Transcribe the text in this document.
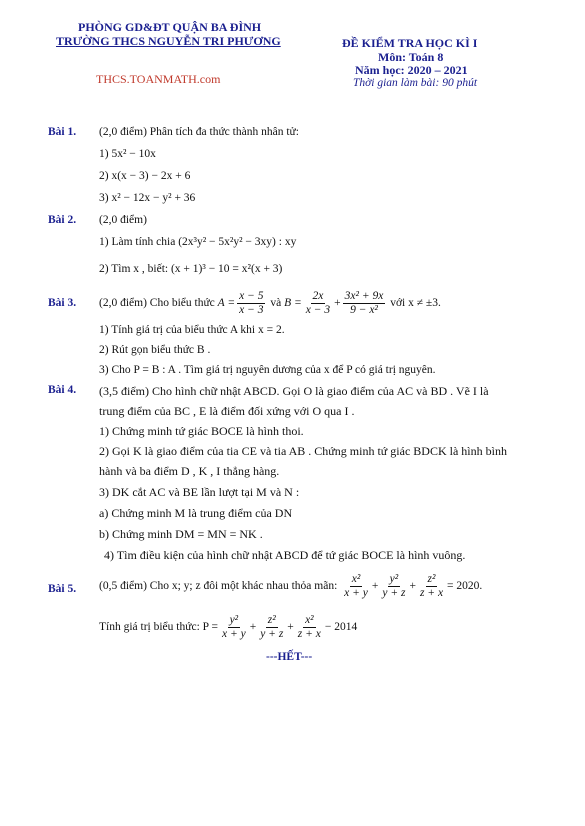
PHÒNG GD&ĐT QUẬN BA ĐÌNH
TRƯỜNG THCS NGUYỄN TRI PHƯƠNG
THCS.TOANMATH.com
ĐỀ KIỂM TRA HỌC KÌ I
Môn: Toán 8
Năm học: 2020 – 2021
Thời gian làm bài: 90 phút
Bài 1. (2,0 điểm) Phân tích đa thức thành nhân tử:
1) 5x² − 10x
2) x(x − 3) − 2x + 6
3) x² − 12x − y² + 36
Bài 2. (2,0 điểm)
1) Làm tính chia (2x³y² − 5x²y² − 3xy) : xy
2) Tìm x , biết: (x + 1)³ − 10 = x²(x + 3)
Bài 3. (2,0 điểm) Cho biểu thức
$A = \frac{x - 5}{x - 3}$
và
$B = \frac{2x}{x - 3} + \frac{\text{3x² + 9x}}{\text{9 − x²}}$
với x ≠ ±3.
1) Tính giá trị của biểu thức A khi x = 2.
2) Rút gọn biểu thức B .
3) Cho P = B : A . Tìm giá trị nguyên dương của x để P có giá trị nguyên.
Bài 4. (3,5 điểm) Cho hình chữ nhật ABCD. Gọi O là giao điểm của AC và BD . Vẽ I là
trung điểm của BC , E là điểm đối xứng với O qua I .
1) Chứng minh tứ giác BOCE là hình thoi.
2) Gọi K là giao điểm của tia CE và tia AB . Chứng minh tứ giác BDCK là hình bình
hành và ba điểm D , K , I thẳng hàng.
3) DK cắt AC và BE lần lượt tại M và N :
a) Chứng minh M là trung điểm của DN
b) Chứng minh DM = MN = NK .
4) Tìm điều kiện của hình chữ nhật ABCD để tứ giác BOCE là hình vuông.
Bài 5. (0,5 điểm) Cho x; y; z đôi một khác nhau thỏa mãn:
$\frac{\text{x²}}{x + y} + \frac{\text{y²}}{y + z} + \frac{\text{z²}}{z + x} = 2020$.
Tính giá trị biểu thức: $P = \frac{\text{y²}}{x + y} + \frac{\text{z²}}{y + z} + \frac{\text{x²}}{z + x} - 2014$
---HẾT---
